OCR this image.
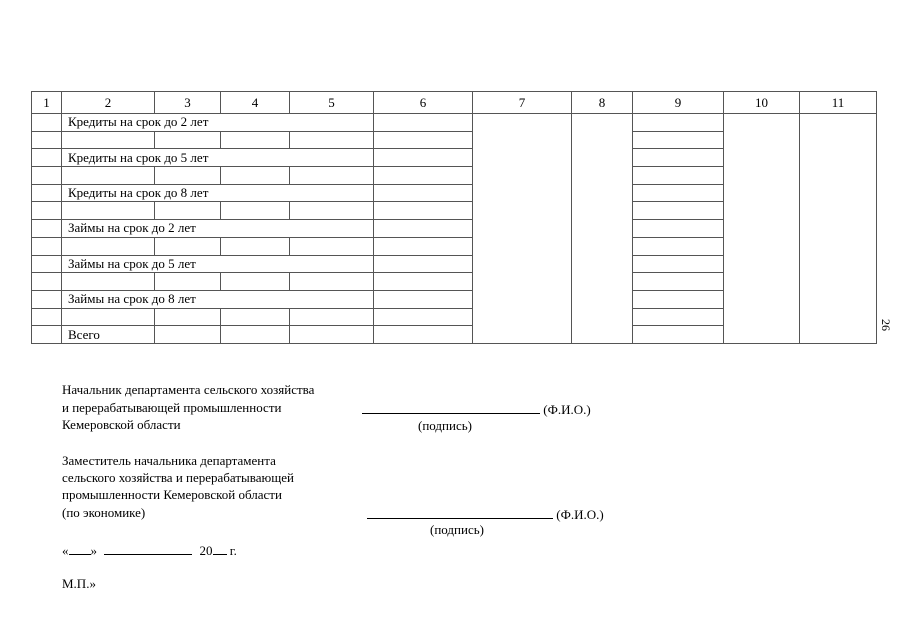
1	2	3	4	5	6	7	8	9	10	11
	Кредиты на срок до 2 лет									

	Кредиты на срок до 5 лет									

	Кредиты на срок до 8 лет									

	Займы на срок до 2 лет									

	Займы на срок до 5 лет									

	Займы на срок до 8 лет									

	Всего									
26
Начальник департамента сельского хозяйства
и перерабатывающей промышленности
Кемеровской области
(Ф.И.О.)
(подпись)
Заместитель начальника департамента
сельского хозяйства и перерабатывающей
промышленности Кемеровской области
(по экономике)	(Ф.И.О.)
(подпись)
« »	20 г.
М.П.»
